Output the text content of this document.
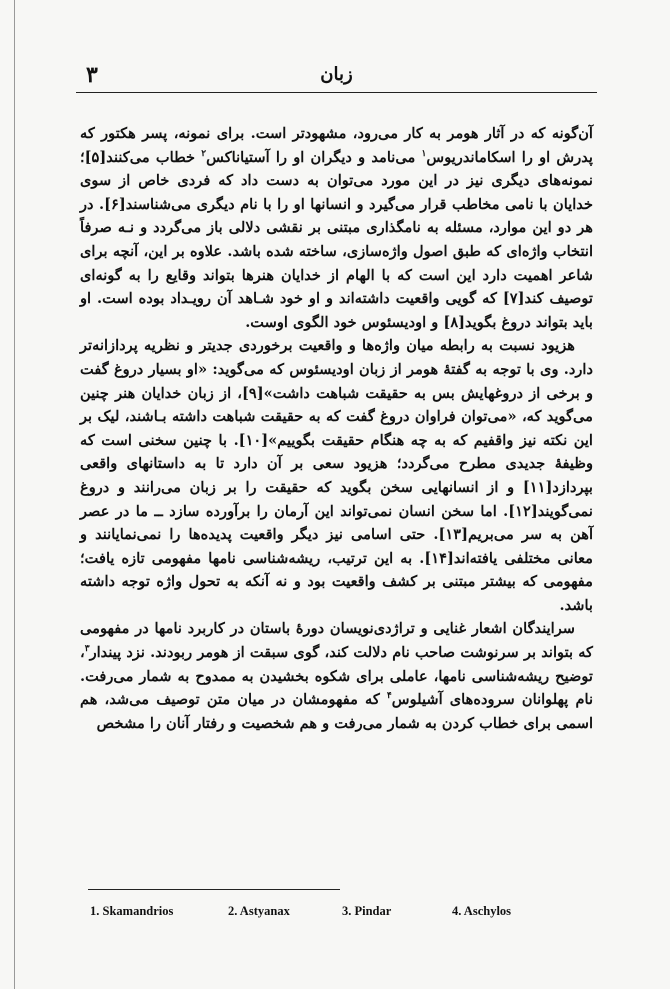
۳	زبان

آن‌گونه که در آثار هومر به کار می‌رود، مشهودتر است. برای نمونه، پسر هکتور که پدرش او را اسکاماندریوس$^۱$ می‌نامد و دیگران او را آستیاناکس$^۲$ خطاب می‌کنند[۵]؛ نمونه‌های دیگری نیز در این مورد می‌توان به دست داد که فردی خاص از سوی خدایان با نامی مخاطب قرار می‌گیرد و انسانها او را با نام دیگری می‌شناسند[۶]. در هر دو این موارد، مسئله به نامگذاری مبتنی بر نقشی دلالی باز می‌گردد و نـه صرفاً انتخاب واژه‌ای که طبق اصول واژه‌سازی، ساخته شده باشد. علاوه بر این، آنچه برای شاعر اهمیت دارد این است که با الهام از خدایان هنرها بتواند وقایع را به گونه‌ای توصیف کند[۷] که گویی واقعیت داشته‌اند و او خود شـاهد آن رویـداد بوده است. او باید بتواند دروغ بگوید[۸] و اودیسئوس خود الگوی اوست.

هزیود نسبت به رابطه میان واژه‌ها و واقعیت برخوردی جدیتر و نظریه پردازانه‌تر دارد. وی با توجه به گفتهٔ هومر از زبان اودیسئوس که می‌گوید: «او بسیار دروغ گفت و برخی از دروغهایش بس به حقیقت شباهت داشت»[۹]، از زبان خدایان هنر چنین می‌گوید که، «می‌توان فراوان دروغ گفت که به حقیقت شباهت داشته بـاشند، لیک بر این نکته نیز واقفیم که به چه هنگام حقیقت بگوییم»[۱۰]. با چنین سخنی است که وظیفهٔ جدیدی مطرح می‌گردد؛ هزیود سعی بر آن دارد تا به داستانهای واقعی بپردازد[۱۱] و از انسانهایی سخن بگوید که حقیقت را بر زبان می‌رانند و دروغ نمی‌گویند[۱۲]. اما سخن انسان نمی‌تواند این آرمان را برآورده سازد ــ ما در عصر آهن به سر می‌بریم[۱۳]. حتی اسامی نیز دیگر واقعیت پدیده‌ها را نمی‌نمایانند و معانی مختلفی یافته‌اند[۱۴]. به این ترتیب، ریشه‌شناسی نامها مفهومی تازه یافت؛ مفهومی که بیشتر مبتنی بر کشف واقعیت بود و نه آنکه به تحول واژه توجه داشته باشد.

سرایندگان اشعار غنایی و تراژدی‌نویسان دورهٔ باستان در کاربرد نامها در مفهومی که بتواند بر سرنوشت صاحب نام دلالت کند، گوی سبقت از هومر ربودند. نزد پیندار$^۳$، توضیح ریشه‌شناسی نامها، عاملی برای شکوه بخشیدن به ممدوح به شمار می‌رفت. نام پهلوانان سروده‌های آشیلوس$^۴$ که مفهومشان در میان متن توصیف می‌شد، هم اسمی برای خطاب کردن به شمار می‌رفت و هم شخصیت و رفتار آنان را مشخص

1. Skamandrios	2. Astyanax	3. Pindar	4. Aschylos
